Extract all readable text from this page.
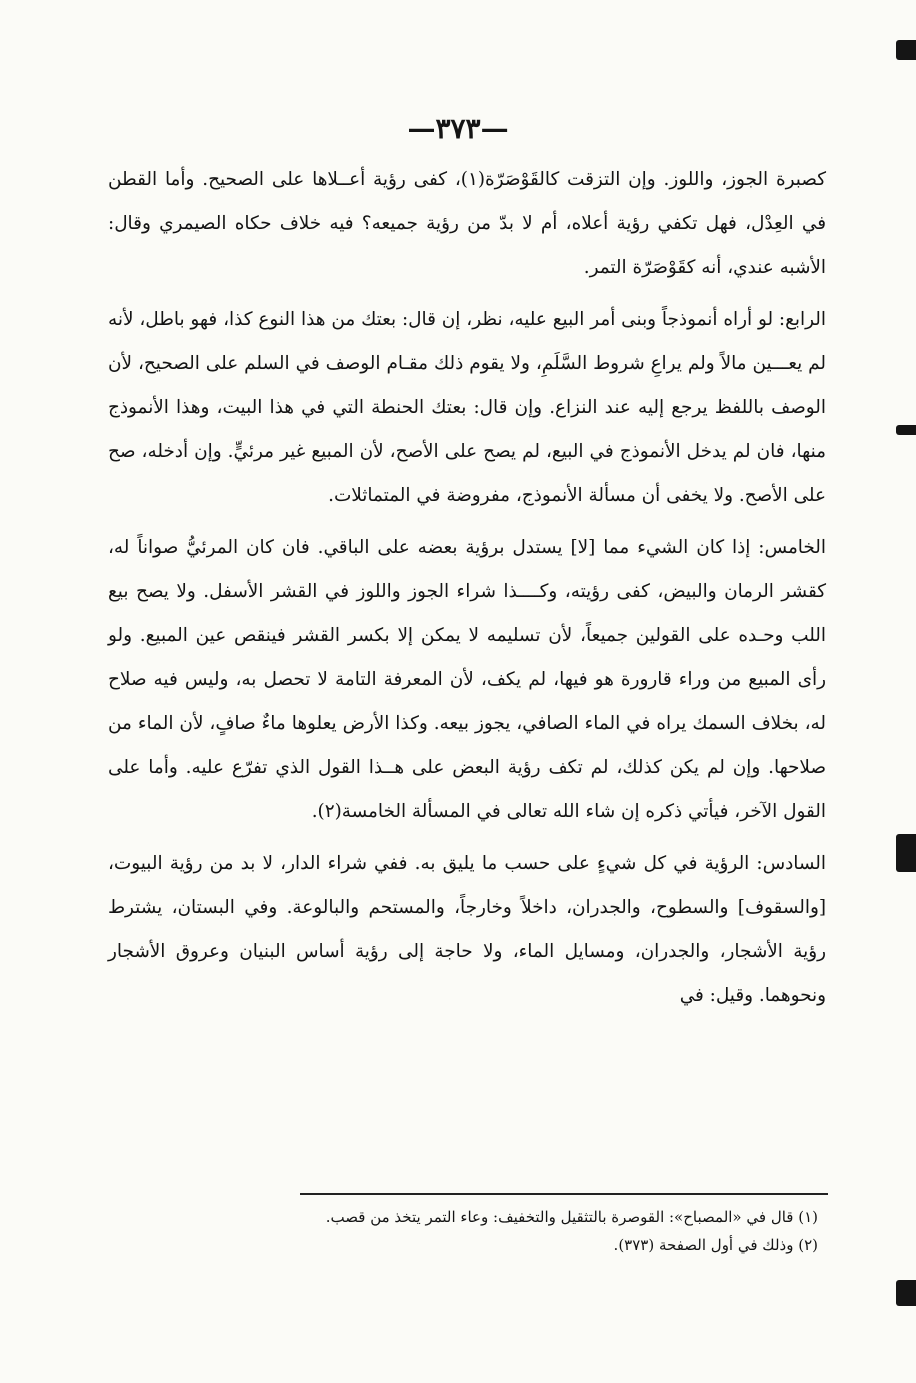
—٣٧٣—

كصبرة الجوز، واللوز. وإن التزقت كالقَوْصَرّة(١)، كفى رؤية أعــلاها على الصحيح. وأما القطن في العِدْل، فهل تكفي رؤية أعلاه، أم لا بدّ من رؤية جميعه؟ فيه خلاف حكاه الصيمري وقال: الأشبه عندي، أنه كقَوْصَرّة التمر.

الرابع: لو أراه أنموذجاً وبنى أمر البيع عليه، نظر، إن قال: بعتك من هذا النوع كذا، فهو باطل، لأنه لم يعـــين مالاً ولم يراعِ شروط السَّلَمِ، ولا يقوم ذلك مقـام الوصف في السلم على الصحيح، لأن الوصف باللفظ يرجع إليه عند النزاع. وإن قال: بعتك الحنطة التي في هذا البيت، وهذا الأنموذج منها، فان لم يدخل الأنموذج في البيع، لم يصح على الأصح، لأن المبيع غير مرئيٍّ. وإن أدخله، صح على الأصح. ولا يخفى أن مسألة الأنموذج، مفروضة في المتماثلات.

الخامس: إذا كان الشيء مما [لا] يستدل برؤية بعضه على الباقي. فان كان المرئيُّ صواناً له، كقشر الرمان والبيض، كفى رؤيته، وكــــذا شراء الجوز واللوز في القشر الأسفل. ولا يصح بيع اللب وحـده على القولين جميعاً، لأن تسليمه لا يمكن إلا بكسر القشر فينقص عين المبيع. ولو رأى المبيع من وراء قارورة هو فيها، لم يكف، لأن المعرفة التامة لا تحصل به، وليس فيه صلاح له، بخلاف السمك يراه في الماء الصافي، يجوز بيعه. وكذا الأرض يعلوها ماءٌ صافٍ، لأن الماء من صلاحها. وإن لم يكن كذلك، لم تكف رؤية البعض على هــذا القول الذي تفرّع عليه. وأما على القول الآخر، فيأتي ذكره إن شاء الله تعالى في المسألة الخامسة(٢).

السادس: الرؤية في كل شيءٍ على حسب ما يليق به. ففي شراء الدار، لا بد من رؤية البيوت، [والسقوف] والسطوح، والجدران، داخلاً وخارجاً، والمستحم والبالوعة. وفي البستان، يشترط رؤية الأشجار، والجدران، ومسايل الماء، ولا حاجة إلى رؤية أساس البنيان وعروق الأشجار ونحوهما. وقيل: في

(١) قال في «المصباح»: القوصرة بالتثقيل والتخفيف: وعاء التمر يتخذ من قصب.

(٢) وذلك في أول الصفحة (٣٧٣).
